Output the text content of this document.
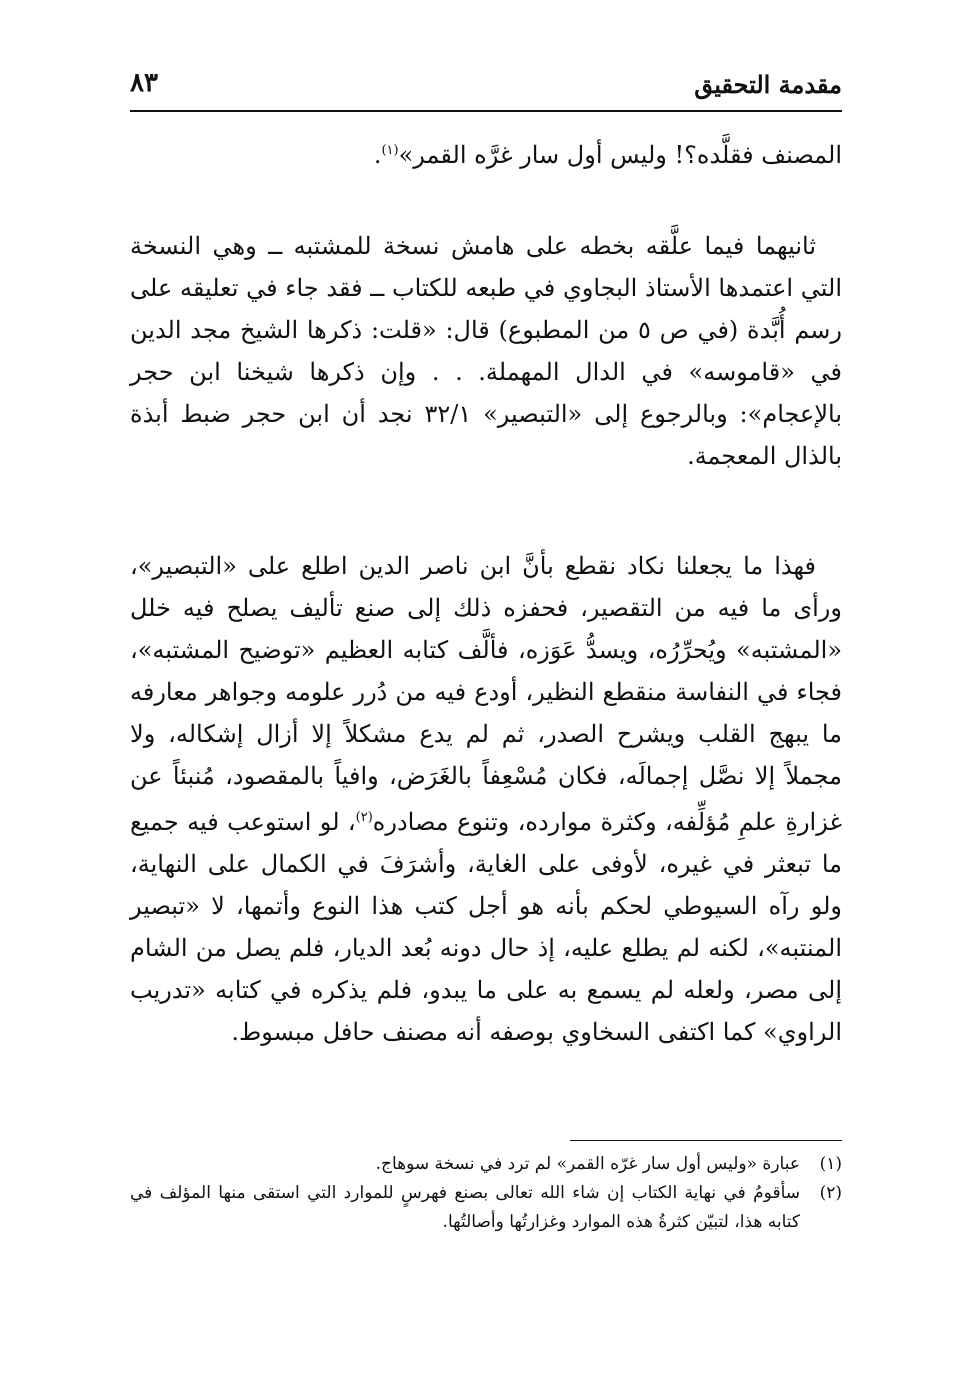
مقدمة التحقيق
٨٣

المصنف فقلَّده؟! وليس أول سار غرَّه القمر»$^{(١)}$.

ثانيهما فيما علَّقه بخطه على هامش نسخة للمشتبه ــ وهي النسخة التي اعتمدها الأستاذ البجاوي في طبعه للكتاب ــ فقد جاء في تعليقه على رسم أُبَّدة (في ص ٥ من المطبوع) قال: «قلت: ذكرها الشيخ مجد الدين في «قاموسه» في الدال المهملة. . . وإن ذكرها شيخنا ابن حجر بالإعجام»: وبالرجوع إلى «التبصير» ٣٢/١ نجد أن ابن حجر ضبط أبذة بالذال المعجمة.

فهذا ما يجعلنا نكاد نقطع بأنَّ ابن ناصر الدين اطلع على «التبصير»، ورأى ما فيه من التقصير، فحفزه ذلك إلى صنع تأليف يصلح فيه خلل «المشتبه» ويُحرِّرُه، ويسدُّ عَوَزه، فألَّف كتابه العظيم «توضيح المشتبه»، فجاء في النفاسة منقطع النظير، أودع فيه من دُرر علومه وجواهر معارفه ما يبهج القلب ويشرح الصدر، ثم لم يدع مشكلاً إلا أزال إشكاله، ولا مجملاً إلا نصَّل إجمالَه، فكان مُسْعِفاً بالغَرَض، وافياً بالمقصود، مُنبئاً عن غزارةِ علمِ مُؤلِّفه، وكثرة موارده، وتنوع مصادره$^{(٢)}$، لو استوعب فيه جميع ما تبعثر في غيره، لأوفى على الغاية، وأشرَفَ في الكمال على النهاية، ولو رآه السيوطي لحكم بأنه هو أجل كتب هذا النوع وأتمها، لا «تبصير المنتبه»، لكنه لم يطلع عليه، إذ حال دونه بُعد الديار، فلم يصل من الشام إلى مصر، ولعله لم يسمع به على ما يبدو، فلم يذكره في كتابه «تدريب الراوي» كما اكتفى السخاوي بوصفه أنه مصنف حافل مبسوط.

(١)
عبارة «وليس أول سار غرّه القمر» لم ترد في نسخة سوهاج.
(٢)
سأقومُ في نهاية الكتاب إن شاء الله تعالى بصنع فهرسٍ للموارد التي استقى منها المؤلف في كتابه هذا، لتبيّن كثرةُ هذه الموارد وغزارتُها وأصالتُها.
